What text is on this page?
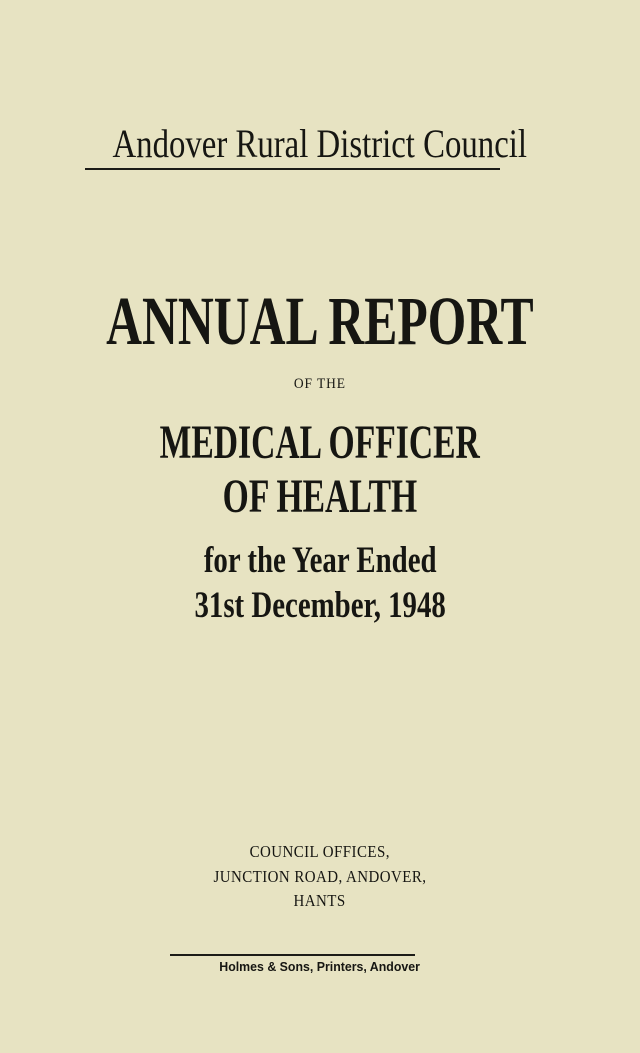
Andover Rural District Council
ANNUAL REPORT
OF THE
MEDICAL OFFICER
OF HEALTH
for the Year Ended
31st December, 1948
COUNCIL OFFICES,
JUNCTION ROAD, ANDOVER,
HANTS
Holmes & Sons, Printers, Andover
